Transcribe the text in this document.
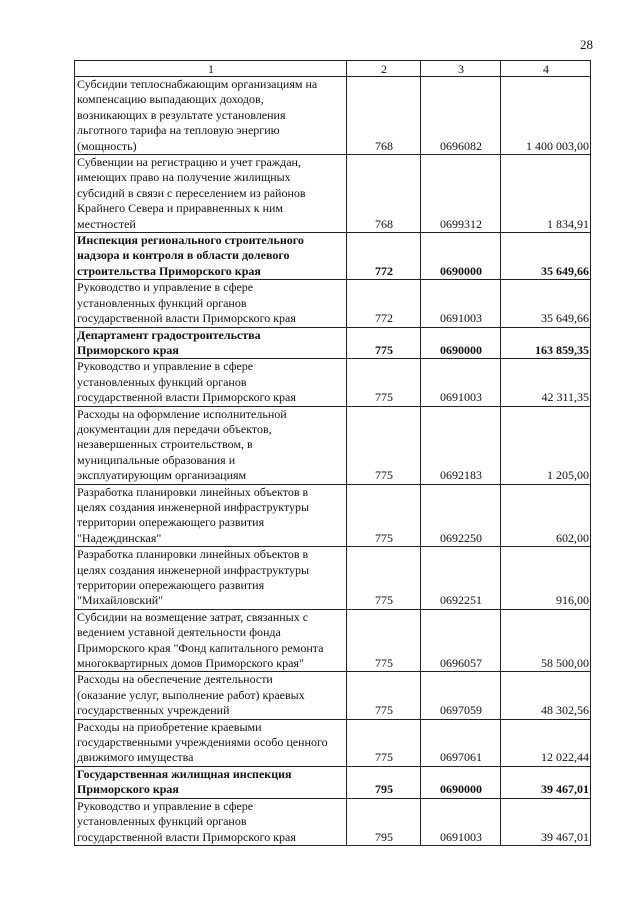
28
1	2	3	4
Субсидии теплоснабжающим организациям на
компенсацию выпадающих доходов,
возникающих в результате установления
льготного тарифа на тепловую энергию
(мощность)	768	0696082	1 400 003,00
Субвенции на регистрацию и учет граждан,
имеющих право на получение жилищных
субсидий в связи с переселением из районов
Крайнего Севера и приравненных к ним
местностей	768	0699312	1 834,91
Инспекция регионального строительного
надзора и контроля в области долевого
строительства Приморского края	772	0690000	35 649,66
Руководство и управление в сфере
установленных функций органов
государственной власти Приморского края	772	0691003	35 649,66
Департамент градостроительства
Приморского края	775	0690000	163 859,35
Руководство и управление в сфере
установленных функций органов
государственной власти Приморского края	775	0691003	42 311,35
Расходы на оформление исполнительной
документации для передачи объектов,
незавершенных строительством, в
муниципальные образования и
эксплуатирующим организациям	775	0692183	1 205,00
Разработка планировки линейных объектов в
целях создания инженерной инфраструктуры
территории опережающего развития
"Надеждинская"	775	0692250	602,00
Разработка планировки линейных объектов в
целях создания инженерной инфраструктуры
территории опережающего развития
"Михайловский"	775	0692251	916,00
Субсидии на возмещение затрат, связанных с
ведением уставной деятельности фонда
Приморского края "Фонд капитального ремонта
многоквартирных домов Приморского края"	775	0696057	58 500,00
Расходы на обеспечение деятельности
(оказание услуг, выполнение работ) краевых
государственных учреждений	775	0697059	48 302,56
Расходы на приобретение краевыми
государственными учреждениями особо ценного
движимого имущества	775	0697061	12 022,44
Государственная жилищная инспекция
Приморского края	795	0690000	39 467,01
Руководство и управление в сфере
установленных функций органов
государственной власти Приморского края	795	0691003	39 467,01
